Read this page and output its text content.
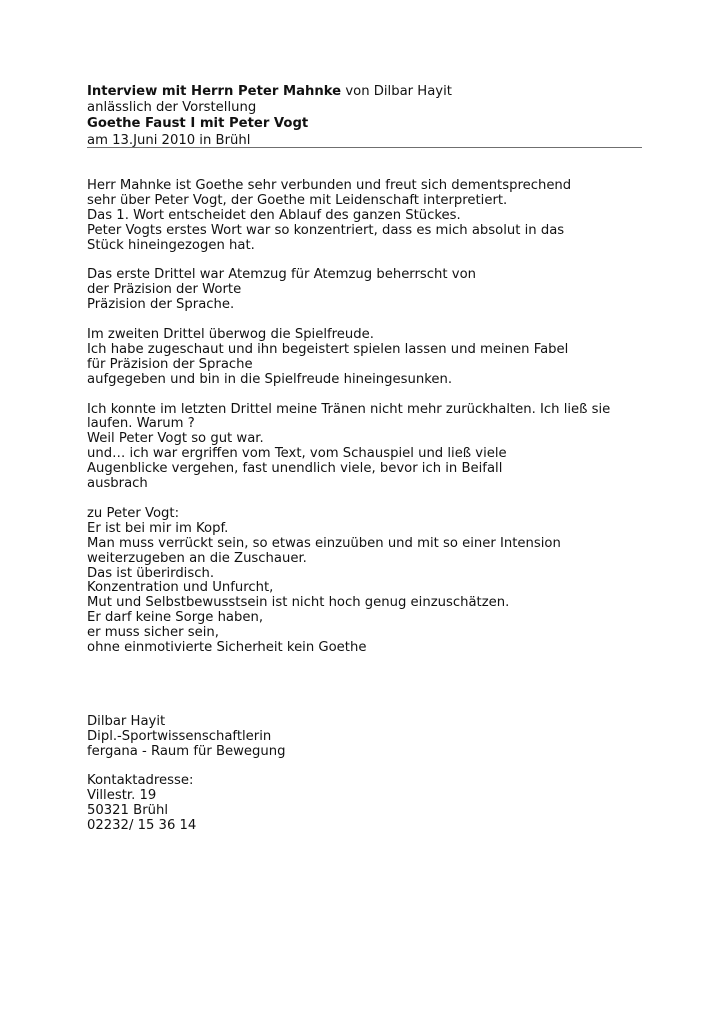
Interview mit Herrn Peter Mahnke von Dilbar Hayit
anlässlich der Vorstellung
Goethe Faust I mit Peter Vogt
am 13.Juni 2010 in Brühl
Herr Mahnke ist Goethe sehr verbunden und freut sich dementsprechend
sehr über Peter Vogt, der Goethe mit Leidenschaft interpretiert.
Das 1. Wort entscheidet den Ablauf des ganzen Stückes.
Peter Vogts erstes Wort war so konzentriert, dass es mich absolut in das
Stück hineingezogen hat.
Das erste Drittel war Atemzug für Atemzug beherrscht von
der Präzision der Worte
Präzision der Sprache.
Im zweiten Drittel überwog die Spielfreude.
Ich habe zugeschaut und ihn begeistert spielen lassen und meinen Fabel
für Präzision der Sprache
aufgegeben und bin in die Spielfreude hineingesunken.
Ich konnte im letzten Drittel meine Tränen nicht mehr zurückhalten. Ich ließ sie
laufen. Warum ?
Weil Peter Vogt so gut war.
und… ich war ergriffen vom Text, vom Schauspiel und ließ viele
Augenblicke vergehen, fast unendlich viele, bevor ich in Beifall
ausbrach
zu Peter Vogt:
Er ist bei mir im Kopf.
Man muss verrückt sein, so etwas einzuüben und mit so einer Intension
weiterzugeben an die Zuschauer.
Das ist überirdisch.
Konzentration und Unfurcht,
Mut und Selbstbewusstsein ist nicht hoch genug einzuschätzen.
Er darf keine Sorge haben,
er muss sicher sein,
ohne einmotivierte Sicherheit kein Goethe
Dilbar Hayit
Dipl.-Sportwissenschaftlerin
fergana - Raum für Bewegung
Kontaktadresse:
Villestr. 19
50321 Brühl
02232/ 15 36 14
